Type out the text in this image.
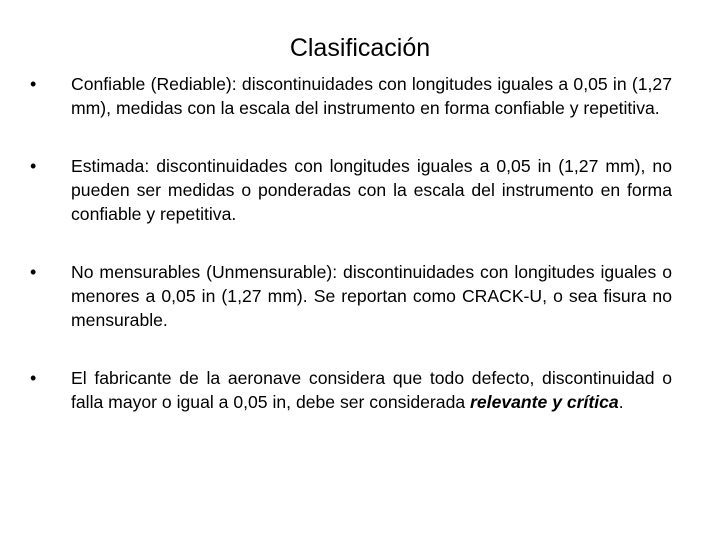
Clasificación
•	Confiable (Rediable): discontinuidades con longitudes iguales a 0,05 in (1,27 mm), medidas con la escala del instrumento en forma confiable y repetitiva.
•	Estimada: discontinuidades con longitudes iguales a 0,05 in (1,27 mm), no pueden ser medidas o ponderadas con la escala del instrumento en forma confiable y repetitiva.
•	No mensurables (Unmensurable): discontinuidades con longitudes iguales o menores a 0,05 in (1,27 mm). Se reportan como CRACK-U, o sea fisura no mensurable.
•	El fabricante de la aeronave considera que todo defecto, discontinuidad o falla mayor o igual a 0,05 in, debe ser considerada relevante y crítica.
